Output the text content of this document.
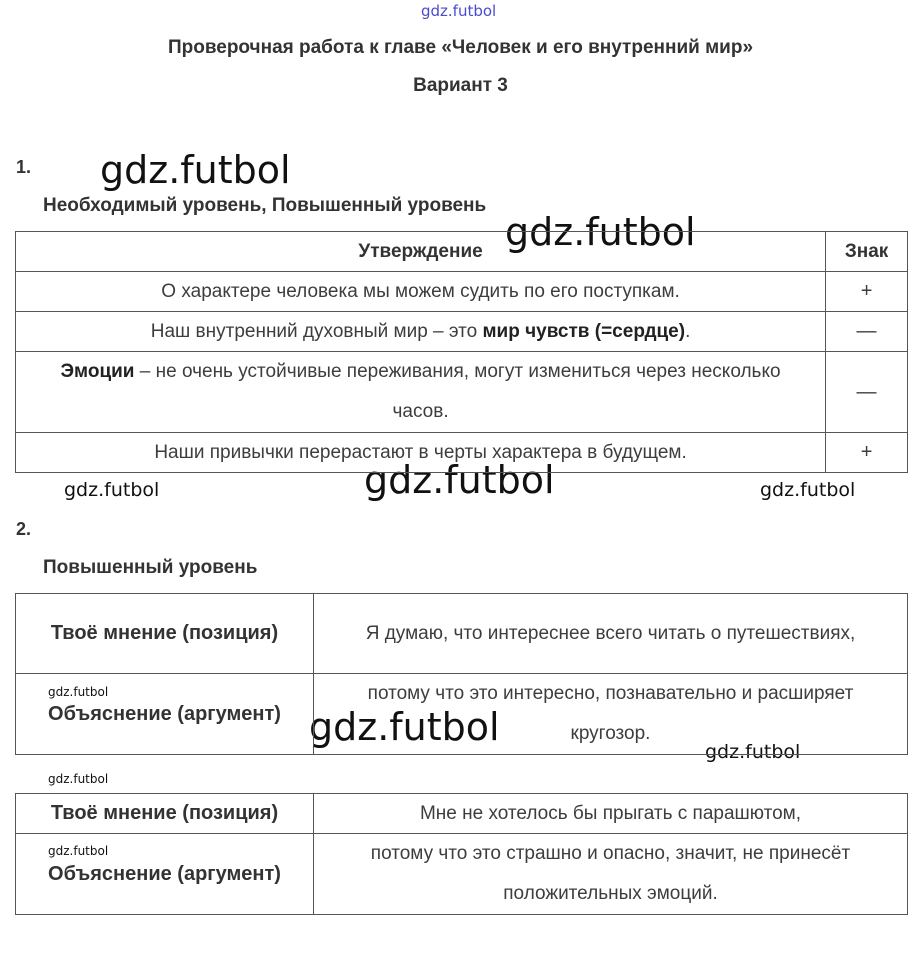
gdz.futbol
gdz.futbol
gdz.futbol
gdz.futbol
gdz.futbol	gdz.futbol
gdz.futbol
gdz.futbol
Проверочная работа к главе «Человек и его внутренний мир»
Вариант 3
1.
Необходимый уровень, Повышенный уровень
Утверждение	Знак
О характере человека мы можем судить по его поступкам.	+
Наш внутренний духовный мир – это мир чувств (=сердце).	—
Эмоции – не очень устойчивые переживания, могут измениться через несколько часов.	—
Наши привычки перерастают в черты характера в будущем.	+
2.
Повышенный уровень
Твоё мнение (позиция)	Я думаю, что интереснее всего читать о путешествиях,
Объяснение (аргумент)	потому что это интересно, познавательно и расширяет кругозор.
gdz.futbol
gdz.futbol
Твоё мнение (позиция)	Мне не хотелось бы прыгать с парашютом,
Объяснение (аргумент)	потому что это страшно и опасно, значит, не принесёт положительных эмоций.
gdz.futbol
